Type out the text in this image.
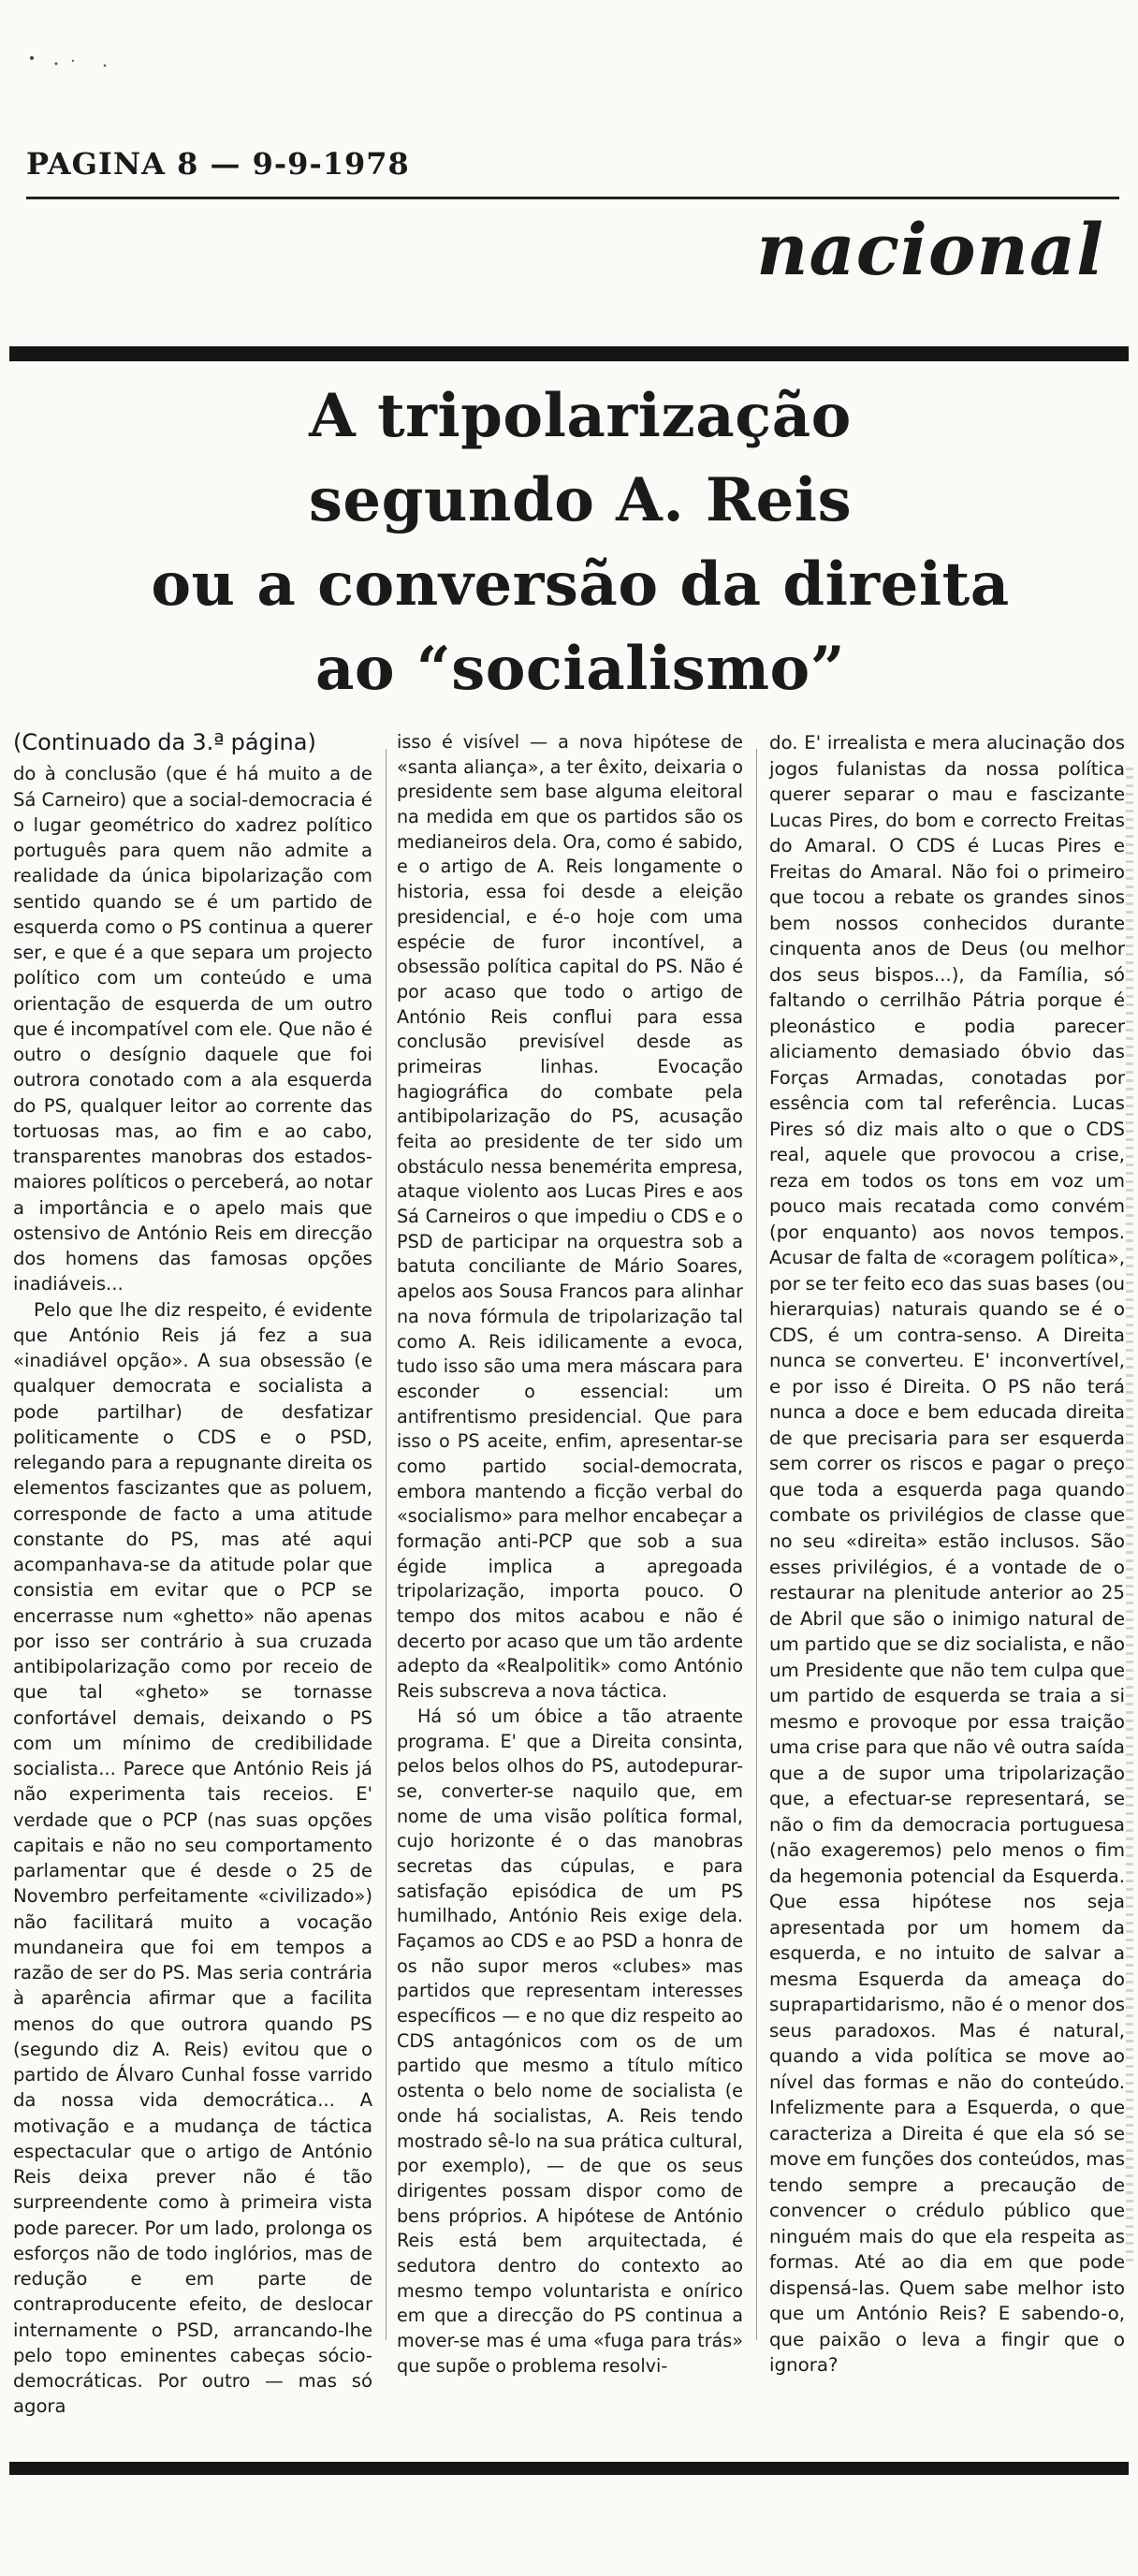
PAGINA 8 — 9-9-1978
nacional
A tripolarização
segundo A. Reis
ou a conversão da direita
ao “socialismo”
(Continuado da 3.ª página)

do à conclusão (que é há muito a de Sá Carneiro) que a social-democracia é o lugar geométrico do xadrez político português para quem não admite a realidade da única bipolarização com sentido quando se é um partido de esquerda como o PS continua a querer ser, e que é a que separa um projecto político com um conteúdo e uma orientação de esquerda de um outro que é incompatível com ele. Que não é outro o desígnio daquele que foi outrora conotado com a ala esquerda do PS, qualquer leitor ao corrente das tortuosas mas, ao fim e ao cabo, transparentes manobras dos estados-maiores políticos o perceberá, ao notar a importância e o apelo mais que ostensivo de António Reis em direcção dos homens das famosas opções inadiáveis...

Pelo que lhe diz respeito, é evidente que António Reis já fez a sua «inadiável opção». A sua obsessão (e qualquer democrata e socialista a pode partilhar) de desfatizar politicamente o CDS e o PSD, relegando para a repugnante direita os elementos fascizantes que as poluem, corresponde de facto a uma atitude constante do PS, mas até aqui acompanhava-se da atitude polar que consistia em evitar que o PCP se encerrasse num «ghetto» não apenas por isso ser contrário à sua cruzada antibipolarização como por receio de que tal «gheto» se tornasse confortável demais, deixando o PS com um mínimo de credibilidade socialista... Parece que António Reis já não experimenta tais receios. E' verdade que o PCP (nas suas opções capitais e não no seu comportamento parlamentar que é desde o 25 de Novembro perfeitamente «civilizado») não facilitará muito a vocação mundaneira que foi em tempos a razão de ser do PS. Mas seria contrária à aparência afirmar que a facilita menos do que outrora quando PS (segundo diz A. Reis) evitou que o partido de Álvaro Cunhal fosse varrido da nossa vida democrática... A motivação e a mudança de táctica espectacular que o artigo de António Reis deixa prever não é tão surpreendente como à primeira vista pode parecer. Por um lado, prolonga os esforços não de todo inglórios, mas de redução e em parte de contraproducente efeito, de deslocar internamente o PSD, arrancando-lhe pelo topo eminentes cabeças sócio-democráticas. Por outro — mas só agora

isso é visível — a nova hipótese de «santa aliança», a ter êxito, deixaria o presidente sem base alguma eleitoral na medida em que os partidos são os medianeiros dela. Ora, como é sabido, e o artigo de A. Reis longamente o historia, essa foi desde a eleição presidencial, e é-o hoje com uma espécie de furor incontível, a obsessão política capital do PS. Não é por acaso que todo o artigo de António Reis conflui para essa conclusão previsível desde as primeiras linhas. Evocação hagiográfica do combate pela antibipolarização do PS, acusação feita ao presidente de ter sido um obstáculo nessa benemérita empresa, ataque violento aos Lucas Pires e aos Sá Carneiros o que impediu o CDS e o PSD de participar na orquestra sob a batuta conciliante de Mário Soares, apelos aos Sousa Francos para alinhar na nova fórmula de tripolarização tal como A. Reis idilicamente a evoca, tudo isso são uma mera máscara para esconder o essencial: um antifrentismo presidencial. Que para isso o PS aceite, enfim, apresentar-se como partido social-democrata, embora mantendo a ficção verbal do «socialismo» para melhor encabeçar a formação anti-PCP que sob a sua égide implica a apregoada tripolarização, importa pouco. O tempo dos mitos acabou e não é decerto por acaso que um tão ardente adepto da «Realpolitik» como António Reis subscreva a nova táctica.

Há só um óbice a tão atraente programa. E' que a Direita consinta, pelos belos olhos do PS, autodepurar-se, converter-se naquilo que, em nome de uma visão política formal, cujo horizonte é o das manobras secretas das cúpulas, e para satisfação episódica de um PS humilhado, António Reis exige dela. Façamos ao CDS e ao PSD a honra de os não supor meros «clubes» mas partidos que representam interesses específicos — e no que diz respeito ao CDS antagónicos com os de um partido que mesmo a título mítico ostenta o belo nome de socialista (e onde há socialistas, A. Reis tendo mostrado sê-lo na sua prática cultural, por exemplo), — de que os seus dirigentes possam dispor como de bens próprios. A hipótese de António Reis está bem arquitectada, é sedutora dentro do contexto ao mesmo tempo voluntarista e onírico em que a direcção do PS continua a mover-se mas é uma «fuga para trás» que supõe o problema resolvi-

do. E' irrealista e mera alucinação dos jogos fulanistas da nossa política querer separar o mau e fascizante Lucas Pires, do bom e correcto Freitas do Amaral. O CDS é Lucas Pires e Freitas do Amaral. Não foi o primeiro que tocou a rebate os grandes sinos bem nossos conhecidos durante cinquenta anos de Deus (ou melhor dos seus bispos...), da Família, só faltando o cerrilhão Pátria porque é pleonástico e podia parecer aliciamento demasiado óbvio das Forças Armadas, conotadas por essência com tal referência. Lucas Pires só diz mais alto o que o CDS real, aquele que provocou a crise, reza em todos os tons em voz um pouco mais recatada como convém (por enquanto) aos novos tempos. Acusar de falta de «coragem política», por se ter feito eco das suas bases (ou hierarquias) naturais quando se é o CDS, é um contra-senso. A Direita nunca se converteu. E' inconvertível, e por isso é Direita. O PS não terá nunca a doce e bem educada direita de que precisaria para ser esquerda sem correr os riscos e pagar o preço que toda a esquerda paga quando combate os privilégios de classe que no seu «direita» estão inclusos. São esses privilégios, é a vontade de o restaurar na plenitude anterior ao 25 de Abril que são o inimigo natural de um partido que se diz socialista, e não um Presidente que não tem culpa que um partido de esquerda se traia a si mesmo e provoque por essa traição uma crise para que não vê outra saída que a de supor uma tripolarização que, a efectuar-se representará, se não o fim da democracia portuguesa (não exageremos) pelo menos o fim da hegemonia potencial da Esquerda. Que essa hipótese nos seja apresentada por um homem da esquerda, e no intuito de salvar a mesma Esquerda da ameaça do suprapartidarismo, não é o menor dos seus paradoxos. Mas é natural, quando a vida política se move ao nível das formas e não do conteúdo. Infelizmente para a Esquerda, o que caracteriza a Direita é que ela só se move em funções dos conteúdos, mas tendo sempre a precaução de convencer o crédulo público que ninguém mais do que ela respeita as formas. Até ao dia em que pode dispensá-las. Quem sabe melhor isto que um António Reis? E sabendo-o, que paixão o leva a fingir que o ignora?
